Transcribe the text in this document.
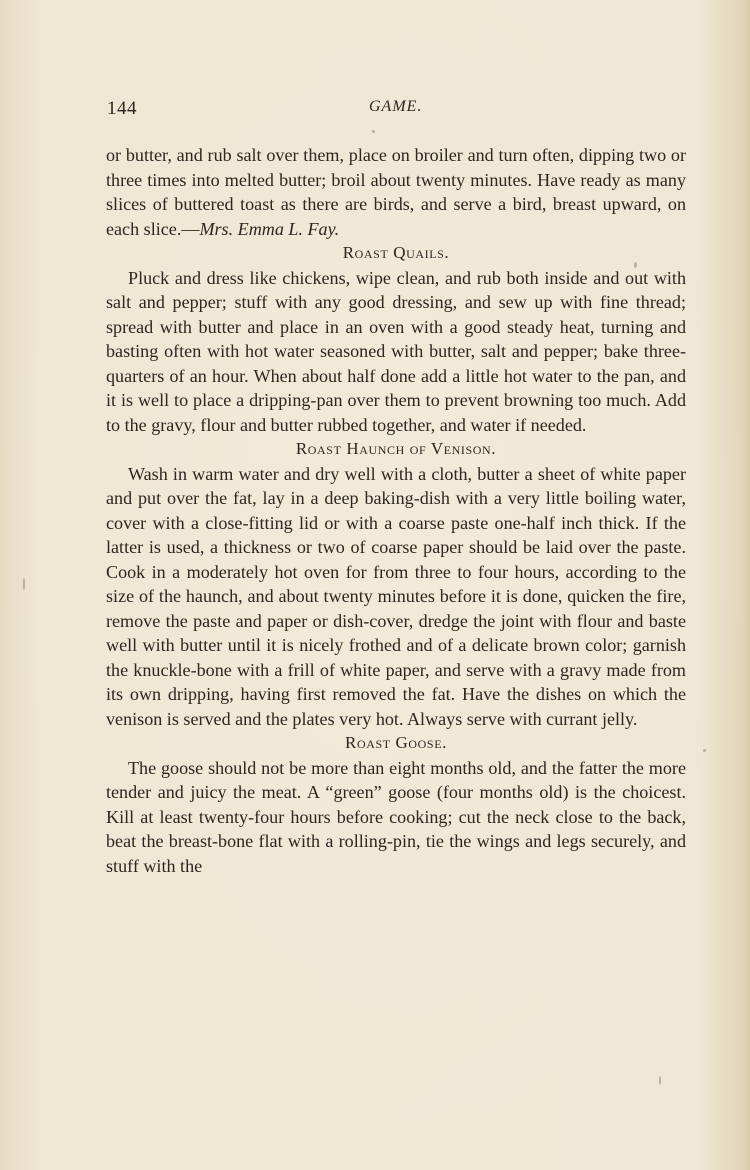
144	GAME.

or butter, and rub salt over them, place on broiler and turn often, dipping two or three times into melted butter; broil about twenty minutes. Have ready as many slices of buttered toast as there are birds, and serve a bird, breast upward, on each slice.—Mrs. Emma L. Fay.

Roast Quails.

Pluck and dress like chickens, wipe clean, and rub both inside and out with salt and pepper; stuff with any good dressing, and sew up with fine thread; spread with butter and place in an oven with a good steady heat, turning and basting often with hot water seasoned with butter, salt and pepper; bake three-quarters of an hour. When about half done add a little hot water to the pan, and it is well to place a dripping-pan over them to prevent browning too much. Add to the gravy, flour and butter rubbed together, and water if needed.

Roast Haunch of Venison.

Wash in warm water and dry well with a cloth, butter a sheet of white paper and put over the fat, lay in a deep baking-dish with a very little boiling water, cover with a close-fitting lid or with a coarse paste one-half inch thick. If the latter is used, a thickness or two of coarse paper should be laid over the paste. Cook in a moderately hot oven for from three to four hours, according to the size of the haunch, and about twenty minutes before it is done, quicken the fire, remove the paste and paper or dish-cover, dredge the joint with flour and baste well with butter until it is nicely frothed and of a delicate brown color; garnish the knuckle-bone with a frill of white paper, and serve with a gravy made from its own dripping, having first removed the fat. Have the dishes on which the venison is served and the plates very hot. Always serve with currant jelly.

Roast Goose.

The goose should not be more than eight months old, and the fatter the more tender and juicy the meat. A “green” goose (four months old) is the choicest. Kill at least twenty-four hours before cooking; cut the neck close to the back, beat the breast-bone flat with a rolling-pin, tie the wings and legs securely, and stuff with the
